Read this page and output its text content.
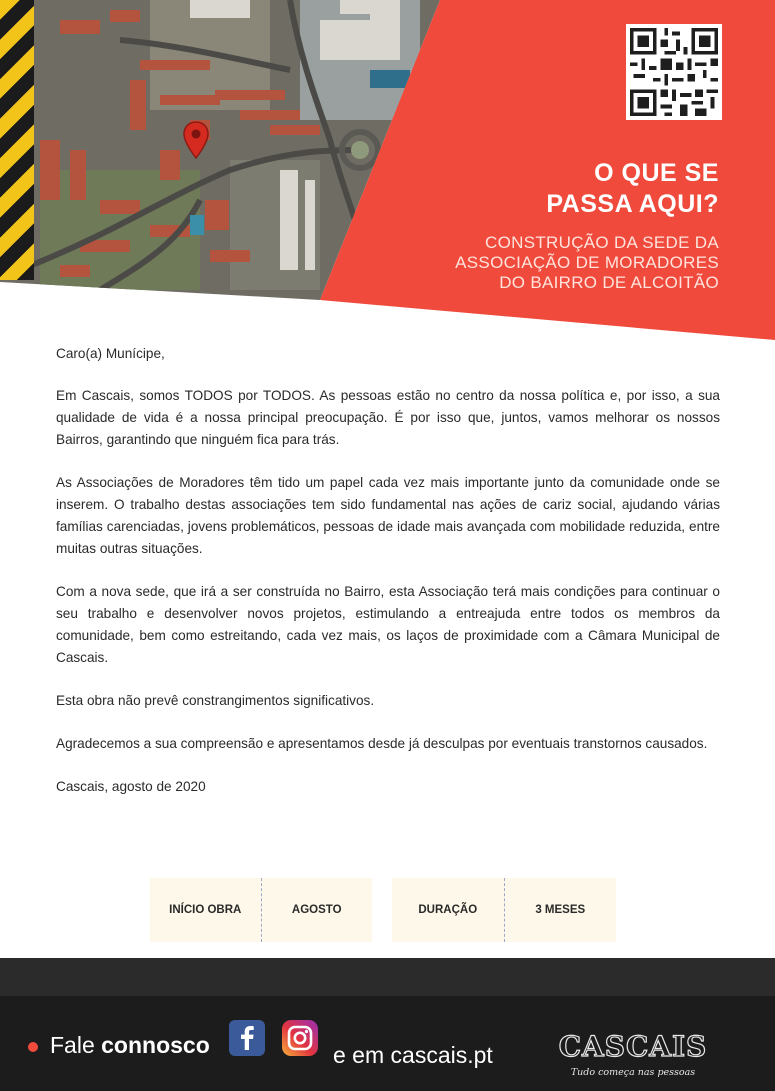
O QUE SE
PASSA AQUI?
CONSTRUÇÃO DA SEDE DA
ASSOCIAÇÃO DE MORADORES
DO BAIRRO DE ALCOITÃO

Caro(a) Munícipe,

Em Cascais, somos TODOS por TODOS. As pessoas estão no centro da nossa política e, por isso, a sua qualidade de vida é a nossa principal preocupação. É por isso que, juntos, vamos melhorar os nossos Bairros, garantindo que ninguém fica para trás.

As Associações de Moradores têm tido um papel cada vez mais importante junto da comunidade onde se inserem. O trabalho destas associações tem sido fundamental nas ações de cariz social, ajudando várias famílias carenciadas, jovens problemáticos, pessoas de idade mais avançada com mobilidade reduzida, entre muitas outras situações.

Com a nova sede, que irá a ser construída no Bairro, esta Associação terá mais condições para continuar o seu trabalho e desenvolver novos projetos, estimulando a entreajuda entre todos os membros da comunidade, bem como estreitando, cada vez mais, os laços de proximidade com a Câmara Municipal de Cascais.

Esta obra não prevê constrangimentos significativos.

Agradecemos a sua compreensão e apresentamos desde já desculpas por eventuais transtornos causados.

Cascais, agosto de 2020

INÍCIO OBRA	AGOSTO	DURAÇÃO	3 MESES
Fale connosco	e em cascais.pt CASCAIS
Tudo começa nas pessoas
